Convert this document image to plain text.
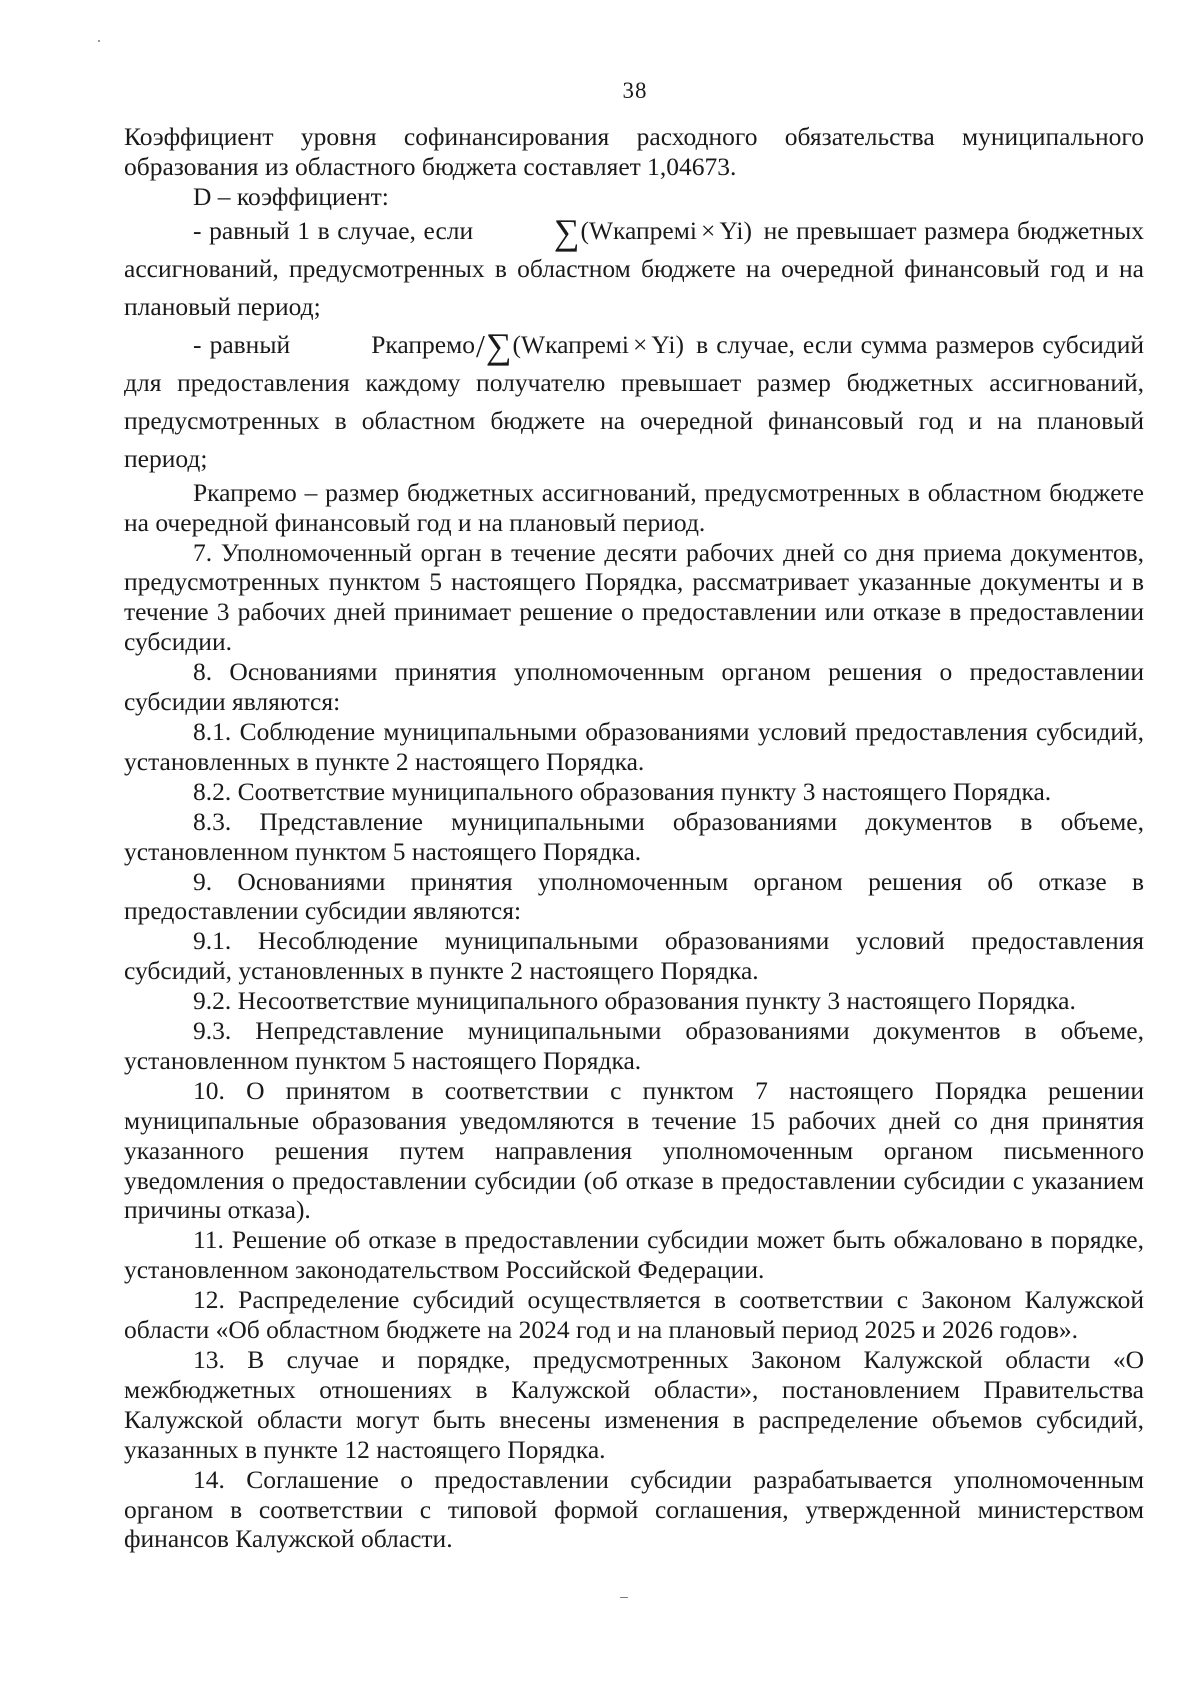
38

Коэффициент уровня софинансирования расходного обязательства муниципального образования из областного бюджета составляет 1,04673.

D – коэффициент:

- равный 1 в случае, если ∑(Wкапремі × Yi) не превышает размера бюджетных ассигнований, предусмотренных в областном бюджете на очередной финансовый год и на плановый период;

- равный	Ркапремо/∑(Wкапремі × Yi) в случае, если сумма размеров субсидий для предоставления каждому получателю превышает размер бюджетных ассигнований, предусмотренных в областном бюджете на очередной финансовый год и на плановый период;

Ркапремо – размер бюджетных ассигнований, предусмотренных в областном бюджете на очередной финансовый год и на плановый период.

7. Уполномоченный орган в течение десяти рабочих дней со дня приема документов, предусмотренных пунктом 5 настоящего Порядка, рассматривает указанные документы и в течение 3 рабочих дней принимает решение о предоставлении или отказе в предоставлении субсидии.

8. Основаниями принятия уполномоченным органом решения о предоставлении субсидии являются:

8.1. Соблюдение муниципальными образованиями условий предоставления субсидий, установленных в пункте 2 настоящего Порядка.

8.2. Соответствие муниципального образования пункту 3 настоящего Порядка.

8.3. Представление муниципальными образованиями документов в объеме, установленном пунктом 5 настоящего Порядка.

9. Основаниями принятия уполномоченным органом решения об отказе в предоставлении субсидии являются:

9.1. Несоблюдение муниципальными образованиями условий предоставления субсидий, установленных в пункте 2 настоящего Порядка.

9.2. Несоответствие муниципального образования пункту 3 настоящего Порядка.

9.3. Непредставление муниципальными образованиями документов в объеме, установленном пунктом 5 настоящего Порядка.

10. О принятом в соответствии с пунктом 7 настоящего Порядка решении муниципальные образования уведомляются в течение 15 рабочих дней со дня принятия указанного решения путем направления уполномоченным органом письменного уведомления о предоставлении субсидии (об отказе в предоставлении субсидии с указанием причины отказа).

11. Решение об отказе в предоставлении субсидии может быть обжаловано в порядке, установленном законодательством Российской Федерации.

12. Распределение субсидий осуществляется в соответствии с Законом Калужской области «Об областном бюджете на 2024 год и на плановый период 2025 и 2026 годов».

13. В случае и порядке, предусмотренных Законом Калужской области «О межбюджетных отношениях в Калужской области», постановлением Правительства Калужской области могут быть внесены изменения в распределение объемов субсидий, указанных в пункте 12 настоящего Порядка.

14. Соглашение о предоставлении субсидии разрабатывается уполномоченным органом в соответствии с типовой формой соглашения, утвержденной министерством финансов Калужской области.
